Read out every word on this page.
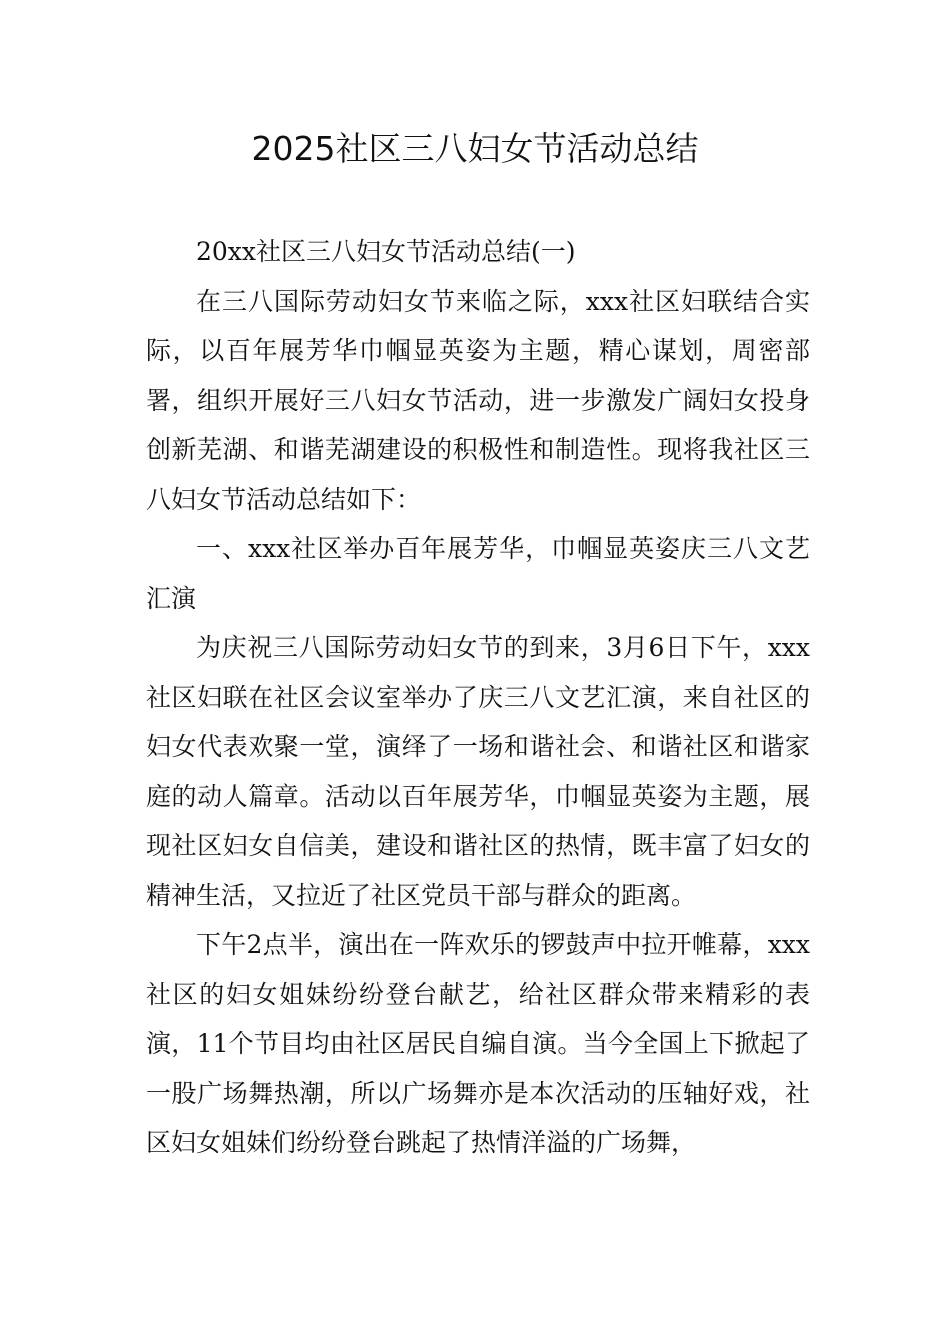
2025社区三八妇女节活动总结

20xx社区三八妇女节活动总结(一)

在三八国际劳动妇女节来临之际，xxx社区妇联结合实际，以百年展芳华巾帼显英姿为主题，精心谋划，周密部署，组织开展好三八妇女节活动，进一步激发广阔妇女投身创新芜湖、和谐芜湖建设的积极性和制造性。现将我社区三八妇女节活动总结如下：

一、xxx社区举办百年展芳华，巾帼显英姿庆三八文艺汇演

为庆祝三八国际劳动妇女节的到来，3月6日下午，xxx社区妇联在社区会议室举办了庆三八文艺汇演，来自社区的妇女代表欢聚一堂，演绎了一场和谐社会、和谐社区和谐家庭的动人篇章。活动以百年展芳华，巾帼显英姿为主题，展现社区妇女自信美，建设和谐社区的热情，既丰富了妇女的精神生活，又拉近了社区党员干部与群众的距离。

下午2点半，演出在一阵欢乐的锣鼓声中拉开帷幕，xxx社区的妇女姐妹纷纷登台献艺，给社区群众带来精彩的表演，11个节目均由社区居民自编自演。当今全国上下掀起了一股广场舞热潮，所以广场舞亦是本次活动的压轴好戏，社区妇女姐妹们纷纷登台跳起了热情洋溢的广场舞，
